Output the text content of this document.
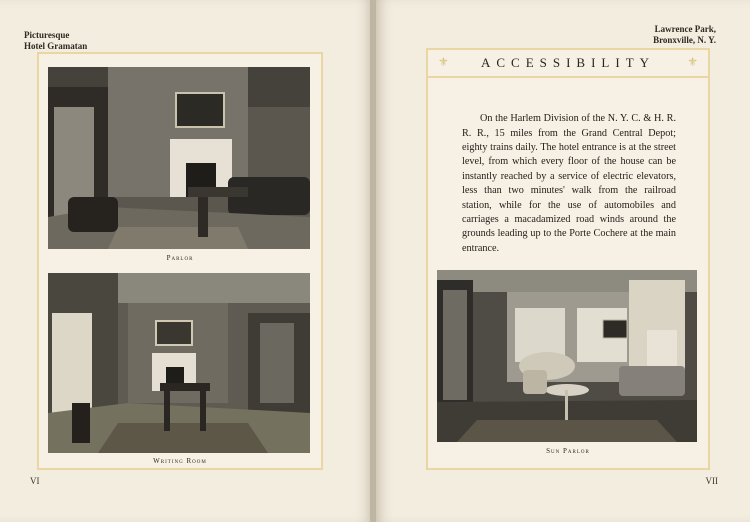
Picturesque
Hotel Gramatan
Parlor
Writing Room
VI
Lawrence Park,
Bronxville, N. Y.
⚜ ACCESSIBILITY	⚜

On the Harlem Division of the N. Y. C. & H. R. R. R., 15 miles from the Grand Central Depot; eighty trains daily. The hotel entrance is at the street level, from which every floor of the house can be instantly reached by a service of electric elevators, less than two minutes' walk from the railroad station, while for the use of automobiles and carriages a macadamized road winds around the grounds leading up to the Porte Cochere at the main entrance.

Sun Parlor
VII
